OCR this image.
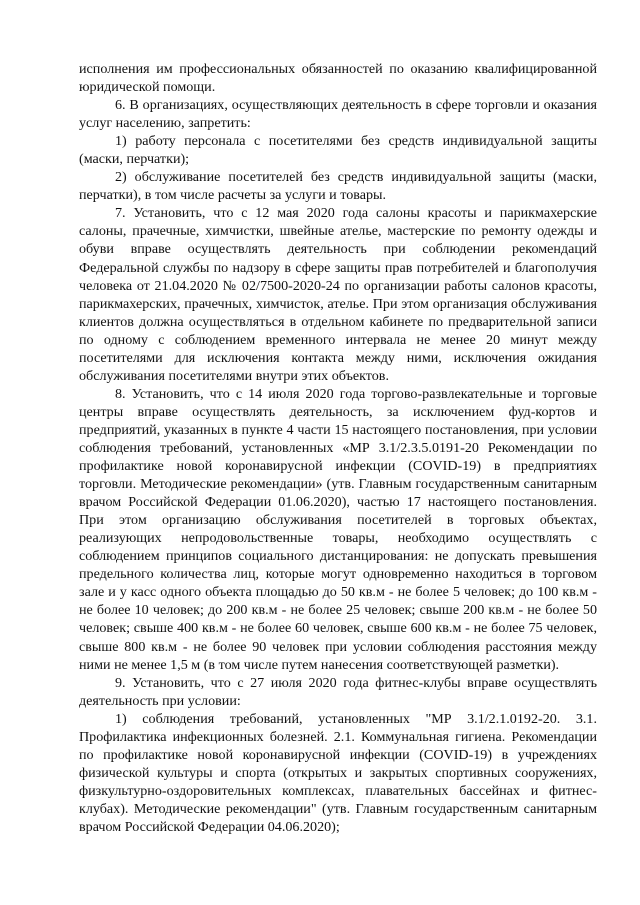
исполнения им профессиональных обязанностей по оказанию квалифицированной юридической помощи.

6. В организациях, осуществляющих деятельность в сфере торговли и оказания услуг населению, запретить:

1) работу персонала с посетителями без средств индивидуальной защиты (маски, перчатки);

2) обслуживание посетителей без средств индивидуальной защиты (маски, перчатки), в том числе расчеты за услуги и товары.

7. Установить, что с 12 мая 2020 года салоны красоты и парикмахерские салоны, прачечные, химчистки, швейные ателье, мастерские по ремонту одежды и обуви вправе осуществлять деятельность при соблюдении рекомендаций Федеральной службы по надзору в сфере защиты прав потребителей и благополучия человека от 21.04.2020 № 02/7500-2020-24 по организации работы салонов красоты, парикмахерских, прачечных, химчисток, ателье. При этом организация обслуживания клиентов должна осуществляться в отдельном кабинете по предварительной записи по одному с соблюдением временного интервала не менее 20 минут между посетителями для исключения контакта между ними, исключения ожидания обслуживания посетителями внутри этих объектов.

8. Установить, что с 14 июля 2020 года торгово-развлекательные и торговые центры вправе осуществлять деятельность, за исключением фуд-кортов и предприятий, указанных в пункте 4 части 15 настоящего постановления, при условии соблюдения требований, установленных «МР 3.1/2.3.5.0191-20 Рекомендации по профилактике новой коронавирусной инфекции (COVID-19) в предприятиях торговли. Методические рекомендации» (утв. Главным государственным санитарным врачом Российской Федерации 01.06.2020), частью 17 настоящего постановления. При этом организацию обслуживания посетителей в торговых объектах, реализующих непродовольственные товары, необходимо осуществлять с соблюдением принципов социального дистанцирования: не допускать превышения предельного количества лиц, которые могут одновременно находиться в торговом зале и у касс одного объекта площадью до 50 кв.м - не более 5 человек; до 100 кв.м - не более 10 человек; до 200 кв.м - не более 25 человек; свыше 200 кв.м - не более 50 человек; свыше 400 кв.м - не более 60 человек, свыше 600 кв.м - не более 75 человек, свыше 800 кв.м - не более 90 человек при условии соблюдения расстояния между ними не менее 1,5 м (в том числе путем нанесения соответствующей разметки).

9. Установить, что с 27 июля 2020 года фитнес-клубы вправе осуществлять деятельность при условии:

1) соблюдения требований, установленных "МР 3.1/2.1.0192-20. 3.1. Профилактика инфекционных болезней. 2.1. Коммунальная гигиена. Рекомендации по профилактике новой коронавирусной инфекции (COVID-19) в учреждениях физической культуры и спорта (открытых и закрытых спортивных сооружениях, физкультурно-оздоровительных комплексах, плавательных бассейнах и фитнес-клубах). Методические рекомендации" (утв. Главным государственным санитарным врачом Российской Федерации 04.06.2020);
